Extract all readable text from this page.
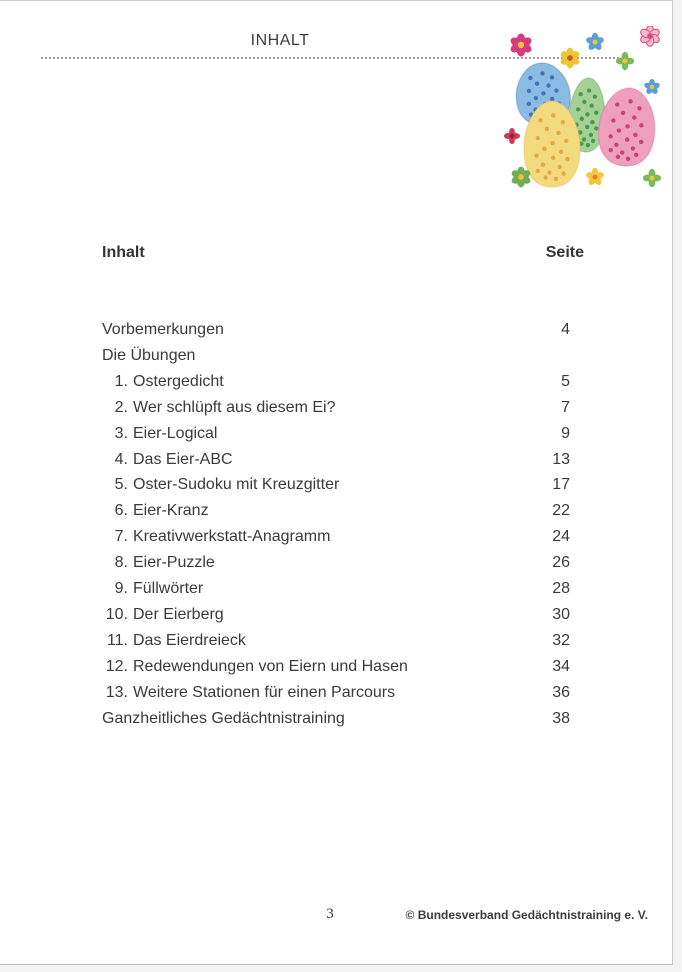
INHALT
Inhalt	Seite
Vorbemerkungen	4
Die Übungen
1. Ostergedicht	5
2. Wer schlüpft aus diesem Ei?	7
3. Eier-Logical	9
4. Das Eier-ABC	13
5. Oster-Sudoku mit Kreuzgitter	17
6. Eier-Kranz	22
7. Kreativwerkstatt-Anagramm	24
8. Eier-Puzzle	26
9. Füllwörter	28
10. Der Eierberg	30
11. Das Eierdreieck	32
12. Redewendungen von Eiern und Hasen	34
13. Weitere Stationen für einen Parcours	36
Ganzheitliches Gedächtnistraining	38
3	© Bundesverband Gedächtnistraining e. V.
